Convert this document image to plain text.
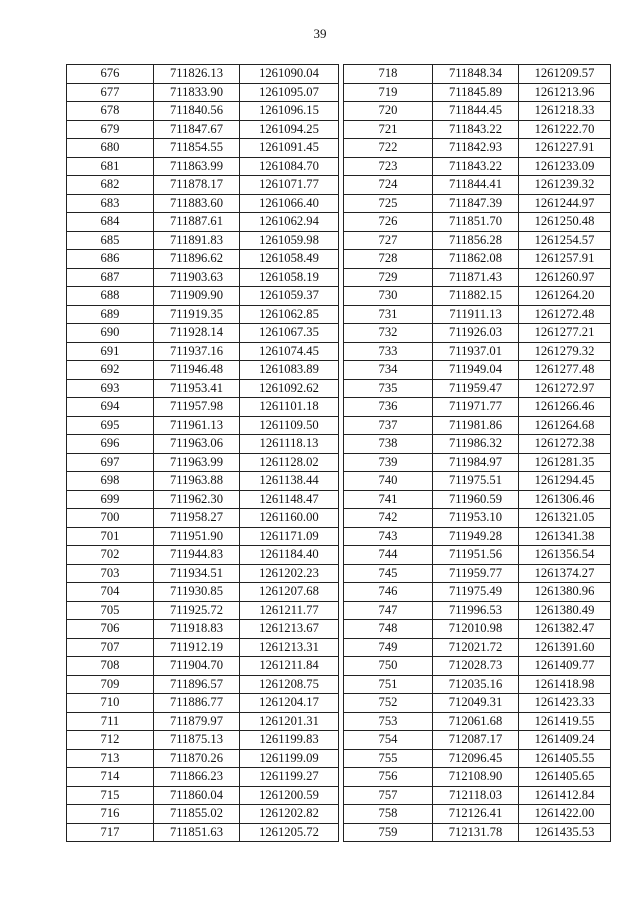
39
676	711826.13	1261090.04
677	711833.90	1261095.07
678	711840.56	1261096.15
679	711847.67	1261094.25
680	711854.55	1261091.45
681	711863.99	1261084.70
682	711878.17	1261071.77
683	711883.60	1261066.40
684	711887.61	1261062.94
685	711891.83	1261059.98
686	711896.62	1261058.49
687	711903.63	1261058.19
688	711909.90	1261059.37
689	711919.35	1261062.85
690	711928.14	1261067.35
691	711937.16	1261074.45
692	711946.48	1261083.89
693	711953.41	1261092.62
694	711957.98	1261101.18
695	711961.13	1261109.50
696	711963.06	1261118.13
697	711963.99	1261128.02
698	711963.88	1261138.44
699	711962.30	1261148.47
700	711958.27	1261160.00
701	711951.90	1261171.09
702	711944.83	1261184.40
703	711934.51	1261202.23
704	711930.85	1261207.68
705	711925.72	1261211.77
706	711918.83	1261213.67
707	711912.19	1261213.31
708	711904.70	1261211.84
709	711896.57	1261208.75
710	711886.77	1261204.17
711	711879.97	1261201.31
712	711875.13	1261199.83
713	711870.26	1261199.09
714	711866.23	1261199.27
715	711860.04	1261200.59
716	711855.02	1261202.82
717	711851.63	1261205.72
718	711848.34	1261209.57
719	711845.89	1261213.96
720	711844.45	1261218.33
721	711843.22	1261222.70
722	711842.93	1261227.91
723	711843.22	1261233.09
724	711844.41	1261239.32
725	711847.39	1261244.97
726	711851.70	1261250.48
727	711856.28	1261254.57
728	711862.08	1261257.91
729	711871.43	1261260.97
730	711882.15	1261264.20
731	711911.13	1261272.48
732	711926.03	1261277.21
733	711937.01	1261279.32
734	711949.04	1261277.48
735	711959.47	1261272.97
736	711971.77	1261266.46
737	711981.86	1261264.68
738	711986.32	1261272.38
739	711984.97	1261281.35
740	711975.51	1261294.45
741	711960.59	1261306.46
742	711953.10	1261321.05
743	711949.28	1261341.38
744	711951.56	1261356.54
745	711959.77	1261374.27
746	711975.49	1261380.96
747	711996.53	1261380.49
748	712010.98	1261382.47
749	712021.72	1261391.60
750	712028.73	1261409.77
751	712035.16	1261418.98
752	712049.31	1261423.33
753	712061.68	1261419.55
754	712087.17	1261409.24
755	712096.45	1261405.55
756	712108.90	1261405.65
757	712118.03	1261412.84
758	712126.41	1261422.00
759	712131.78	1261435.53
